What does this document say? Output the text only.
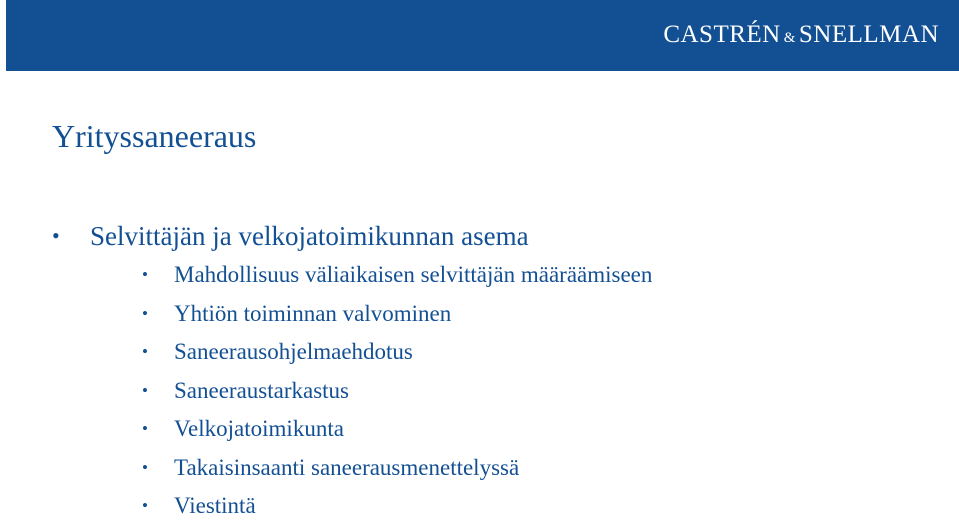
CASTRÉN & SNELLMAN
Yrityssaneeraus
• Selvittäjän ja velkojatoimikunnan asema
• Mahdollisuus väliaikaisen selvittäjän määräämiseen
• Yhtiön toiminnan valvominen
• Saneerausohjelmaehdotus
• Saneeraustarkastus
• Velkojatoimikunta
• Takaisinsaanti saneerausmenettelyssä
• Viestintä
